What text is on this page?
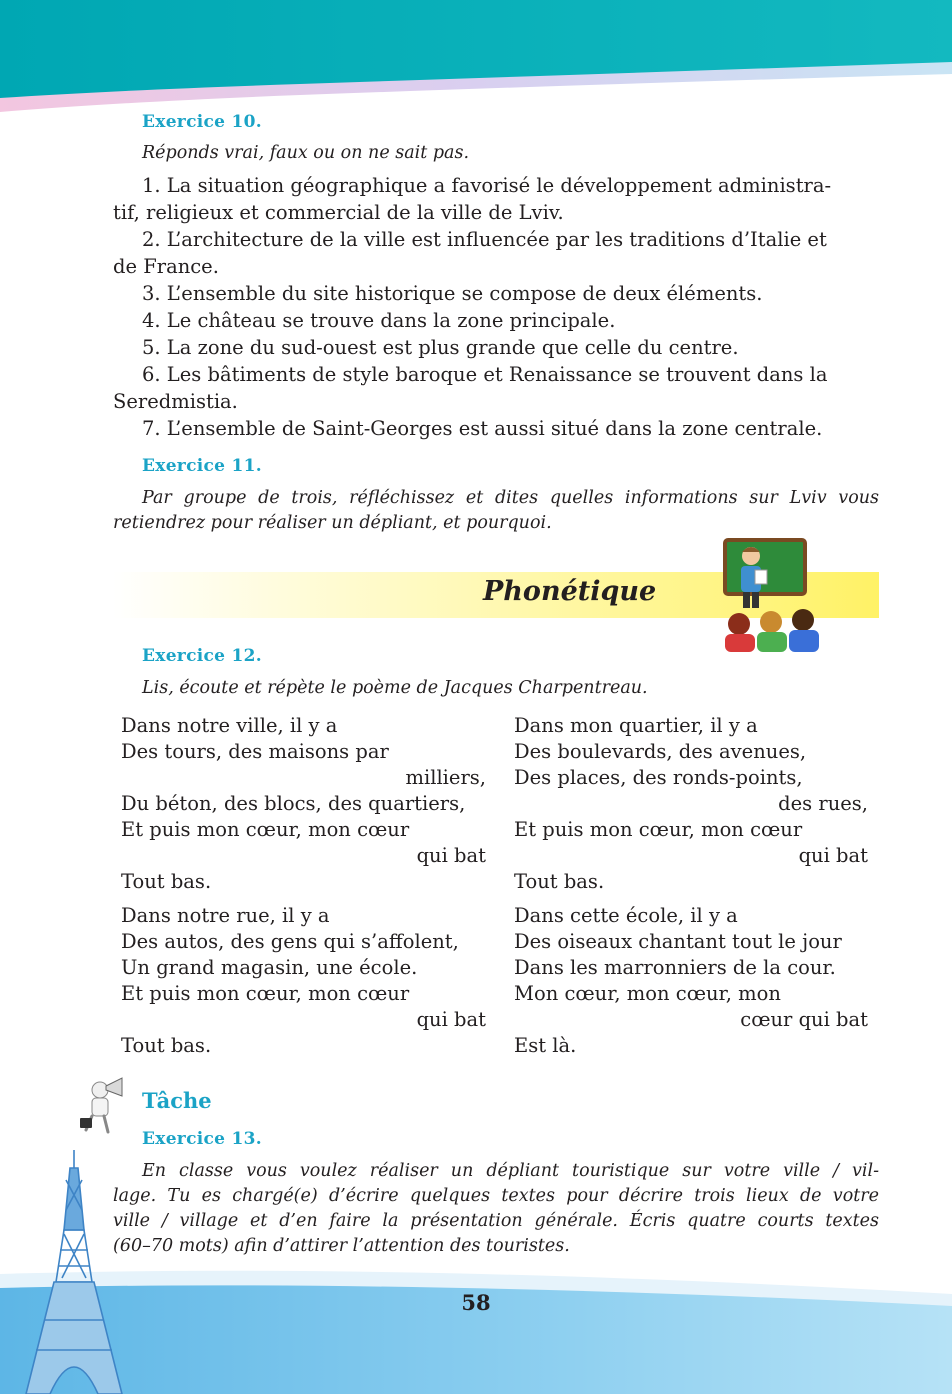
Exercice 10.
Réponds vrai, faux ou on ne sait pas.
1. La situation géographique a favorisé le développement administra-
tif, religieux et commercial de la ville de Lviv.
2. L’architecture de la ville est influencée par les traditions d’Italie et
de France.
3. L’ensemble du site historique se compose de deux éléments.
4. Le château se trouve dans la zone principale.
5. La zone du sud-ouest est plus grande que celle du centre.
6. Les bâtiments de style baroque et Renaissance se trouvent dans la
Seredmistia.
7. L’ensemble de Saint-Georges est aussi situé dans la zone centrale.
Exercice 11.
Par groupe de trois, réfléchissez et dites quelles informations sur Lviv vous
retiendrez pour réaliser un dépliant, et pourquoi.
Phonétique
Exercice 12.
Lis, écoute et répète le poème de Jacques Charpentreau.
Dans notre ville, il y a
Des tours, des maisons par
milliers,
Du béton, des blocs, des quartiers,
Et puis mon cœur, mon cœur
qui bat
Tout bas.
Dans mon quartier, il y a
Des boulevards, des avenues,
Des places, des ronds-points,
des rues,
Et puis mon cœur, mon cœur
qui bat
Tout bas.
Dans notre rue, il y a
Des autos, des gens qui s’affolent,
Un grand magasin, une école.
Et puis mon cœur, mon cœur
qui bat
Tout bas.
Dans cette école, il y a
Des oiseaux chantant tout le jour
Dans les marronniers de la cour.
Mon cœur, mon cœur, mon
cœur qui bat
Est là.
Tâche
Exercice 13.
En classe vous voulez réaliser un dépliant touristique sur votre ville / vil-
lage. Tu es chargé(e) d’écrire quelques textes pour décrire trois lieux de votre
ville / village et d’en faire la présentation générale. Écris quatre courts textes
(60–70 mots) afin d’attirer l’attention des touristes.
58
